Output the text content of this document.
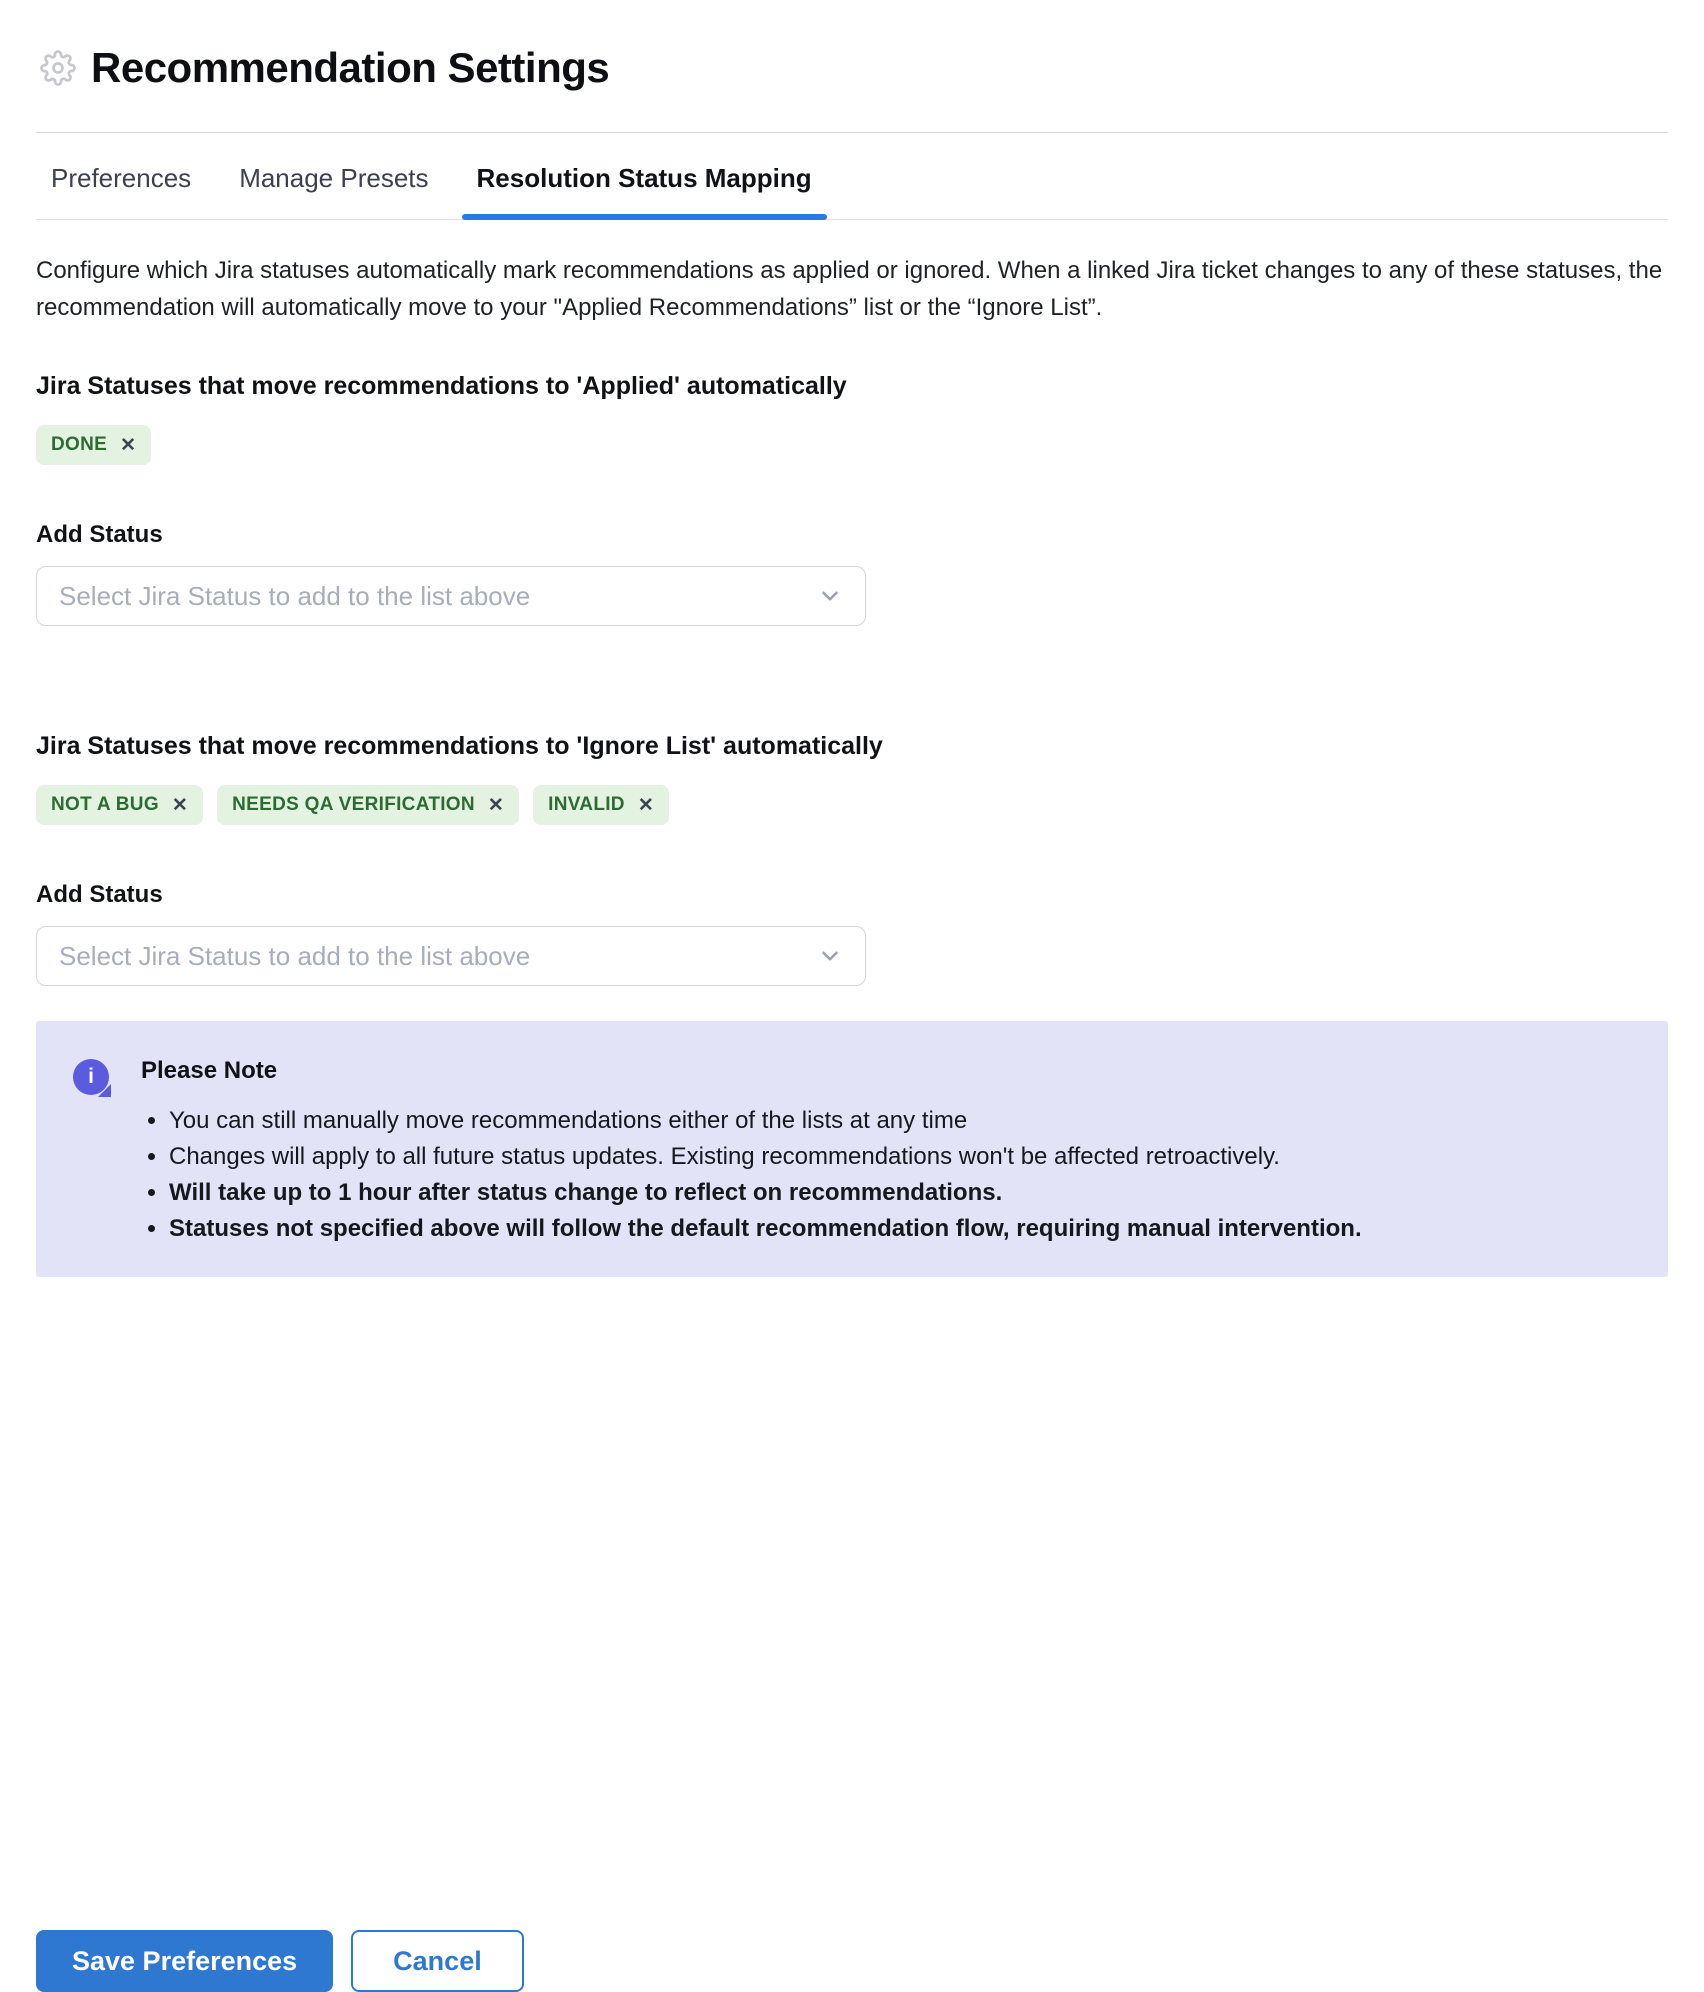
Recommendation Settings
Preferences	Manage Presets	Resolution Status Mapping
Configure which Jira statuses automatically mark recommendations as applied or ignored. When a linked Jira ticket changes to any of these statuses, the recommendation will automatically move to your "Applied Recommendations” list or the “Ignore List”.
Jira Statuses that move recommendations to 'Applied' automatically
DONE ✕
Add Status
Select Jira Status to add to the list above
Jira Statuses that move recommendations to 'Ignore List' automatically
NOT A BUG ✕ NEEDS QA VERIFICATION ✕ INVALID ✕
Add Status
Select Jira Status to add to the list above
i	Please Note
• You can still manually move recommendations either of the lists at any time
• Changes will apply to all future status updates. Existing recommendations won't be affected retroactively.
• Will take up to 1 hour after status change to reflect on recommendations.
• Statuses not specified above will follow the default recommendation flow, requiring manual intervention.
Save Preferences	Cancel
